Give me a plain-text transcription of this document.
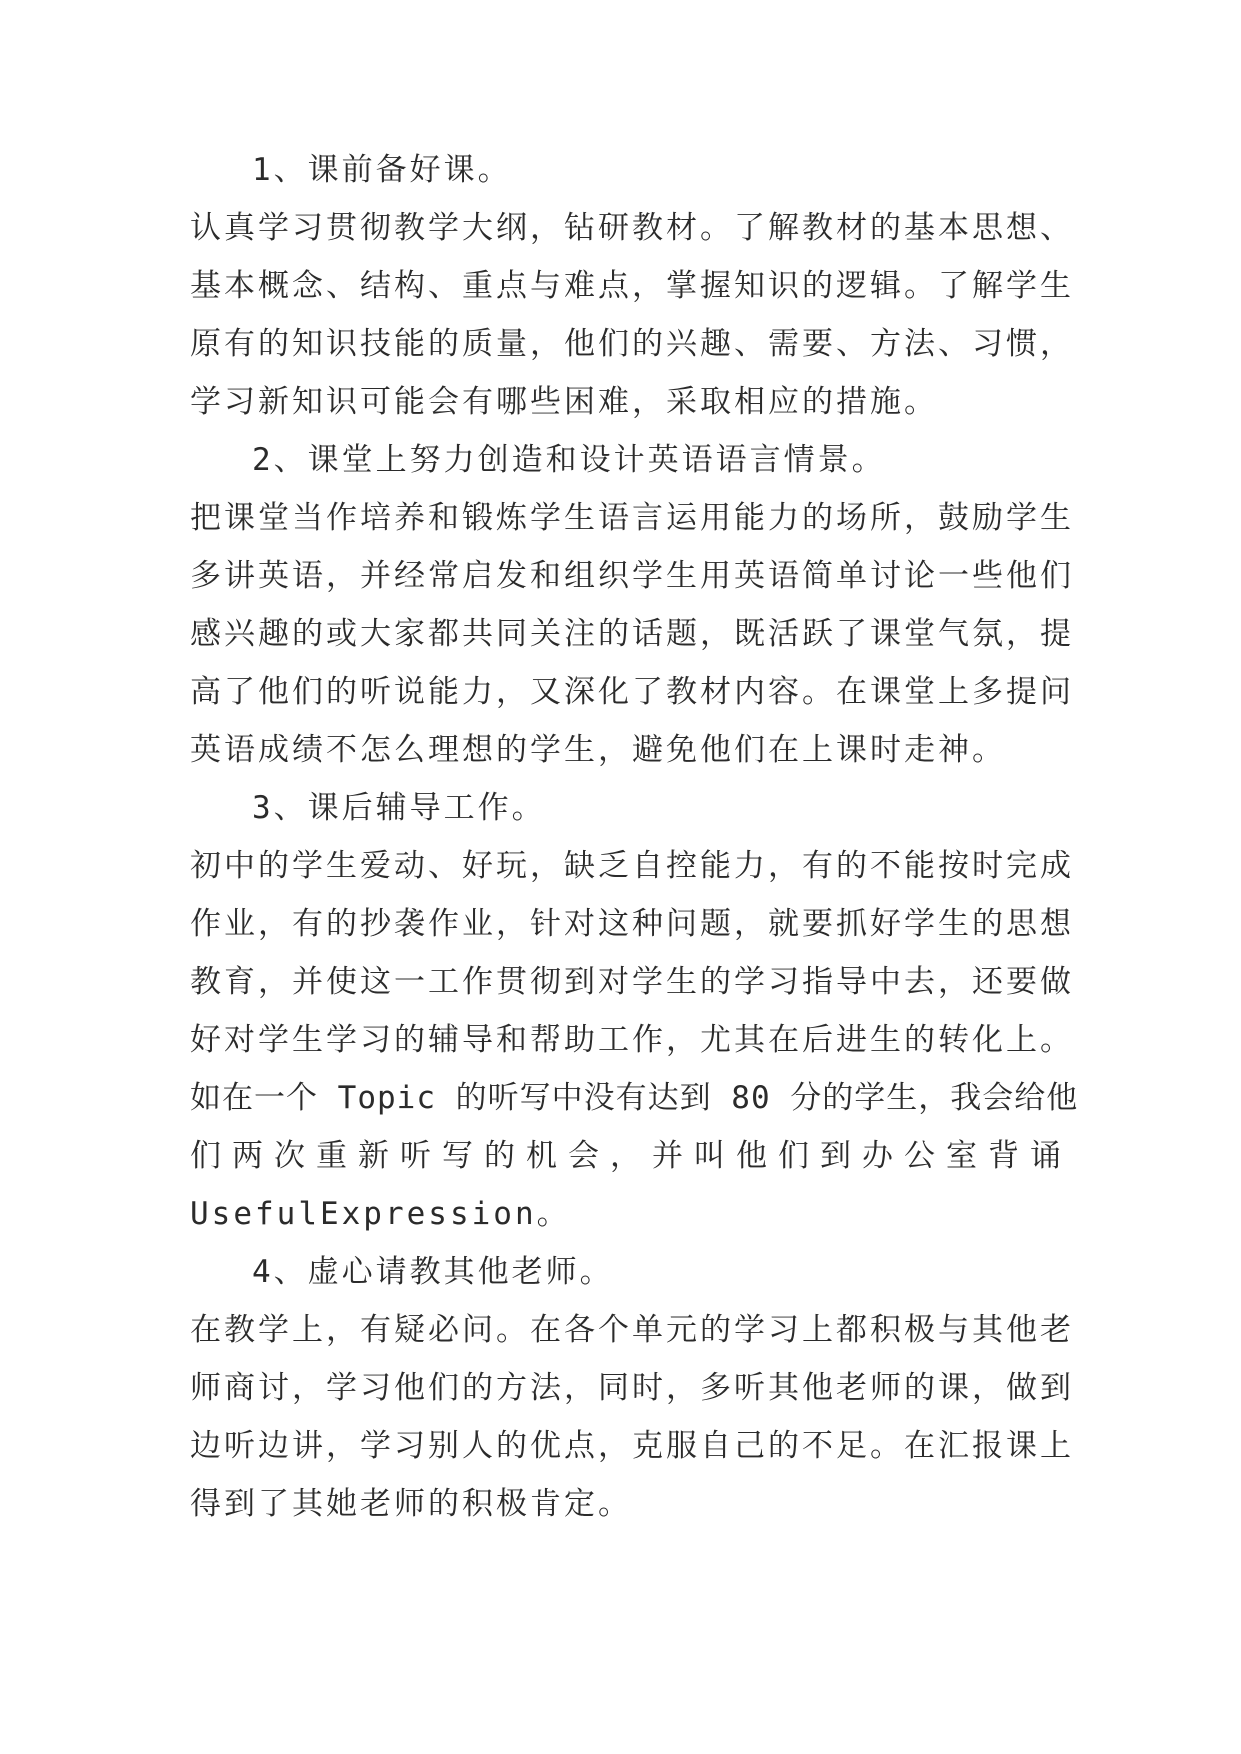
1、课前备好课。
认真学习贯彻教学大纲，钻研教材。了解教材的基本思想、
基本概念、结构、重点与难点，掌握知识的逻辑。了解学生
原有的知识技能的质量，他们的兴趣、需要、方法、习惯，
学习新知识可能会有哪些困难，采取相应的措施。
2、课堂上努力创造和设计英语语言情景。
把课堂当作培养和锻炼学生语言运用能力的场所，鼓励学生
多讲英语，并经常启发和组织学生用英语简单讨论一些他们
感兴趣的或大家都共同关注的话题，既活跃了课堂气氛，提
高了他们的听说能力，又深化了教材内容。在课堂上多提问
英语成绩不怎么理想的学生，避免他们在上课时走神。
3、课后辅导工作。
初中的学生爱动、好玩，缺乏自控能力，有的不能按时完成
作业，有的抄袭作业，针对这种问题，就要抓好学生的思想
教育，并使这一工作贯彻到对学生的学习指导中去，还要做
好对学生学习的辅导和帮助工作，尤其在后进生的转化上。
如在一个 Topic 的听写中没有达到 80 分的学生，我会给他
们两次重新听写的机会，并叫他们到办公室背诵
UsefulExpression。
4、虚心请教其他老师。
在教学上，有疑必问。在各个单元的学习上都积极与其他老
师商讨，学习他们的方法，同时，多听其他老师的课，做到
边听边讲，学习别人的优点，克服自己的不足。在汇报课上
得到了其她老师的积极肯定。
